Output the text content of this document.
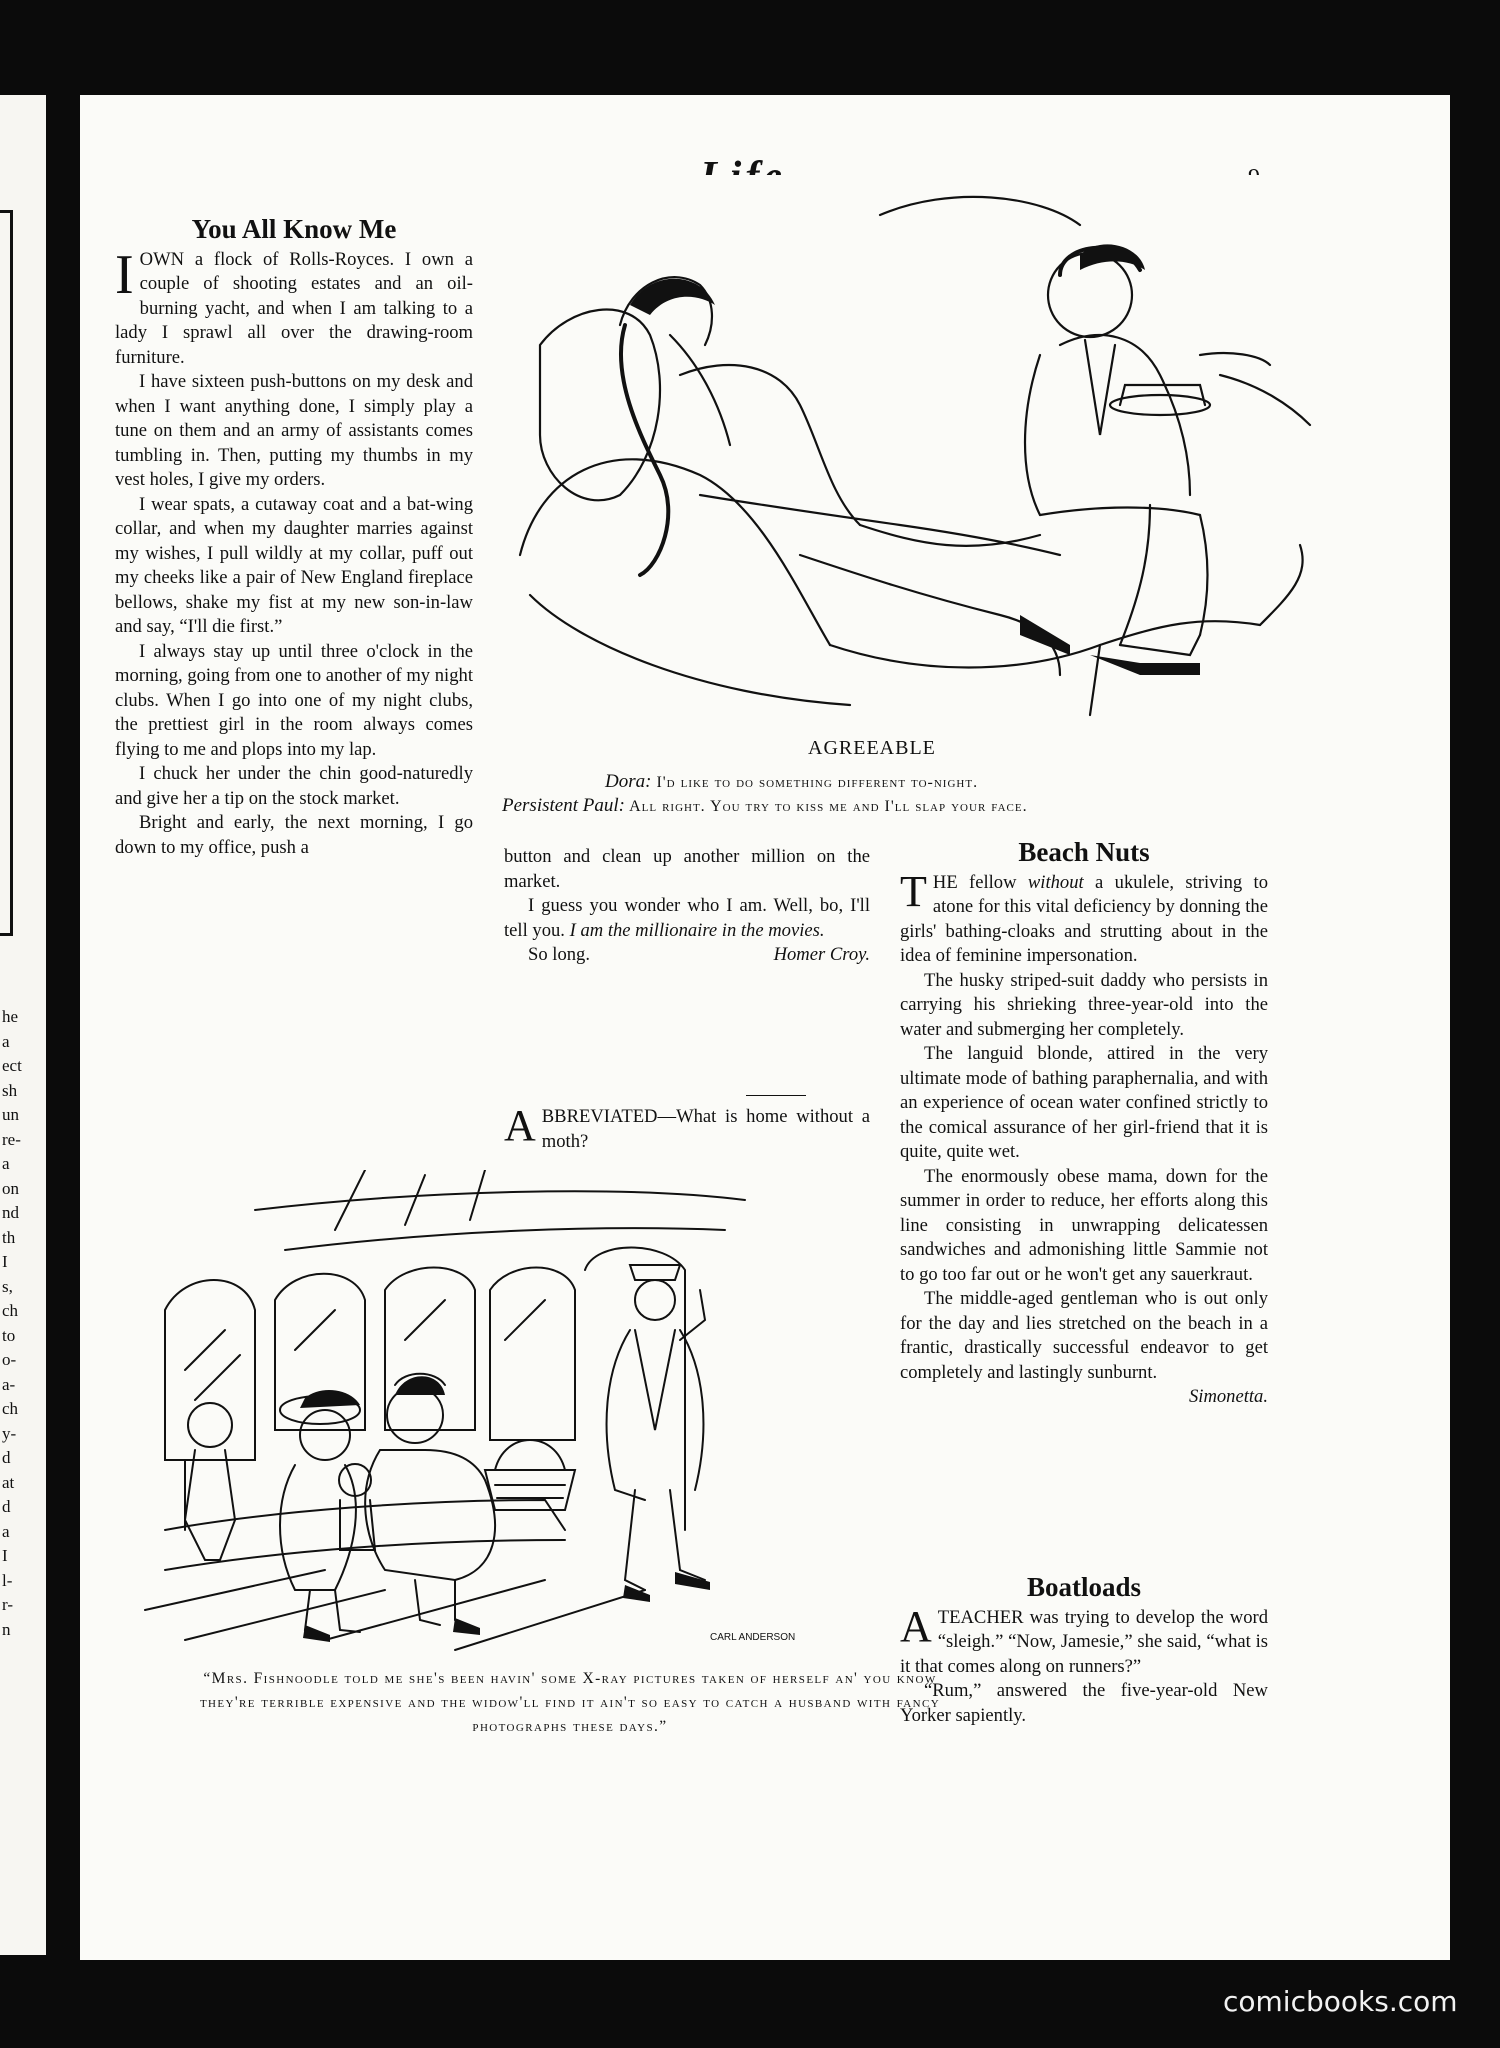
he
a
ect
sh
un
re-
a
on
nd
th
I
s,
ch
to
o-
a-
ch
y-
d
at
d
a
I
l-
r-
n
Life	9
You All Know Me

IOWN a flock of Rolls-Royces. I own a couple of shooting estates and an oil-burning yacht, and when I am talking to a lady I sprawl all over the drawing-room furniture.

I have sixteen push-buttons on my desk and when I want anything done, I simply play a tune on them and an army of assistants comes tumbling in. Then, putting my thumbs in my vest holes, I give my orders.

I wear spats, a cutaway coat and a bat-wing collar, and when my daughter marries against my wishes, I pull wildly at my collar, puff out my cheeks like a pair of New England fireplace bellows, shake my fist at my new son-in-law and say, “I'll die first.”

I always stay up until three o'clock in the morning, going from one to another of my night clubs. When I go into one of my night clubs, the prettiest girl in the room always comes flying to me and plops into my lap.

I chuck her under the chin good-naturedly and give her a tip on the stock market.

Bright and early, the next morning, I go down to my office, push a

AGREEABLE
Dora: I'd like to do something different to-night.
Persistent Paul: All right. You try to kiss me and I'll slap your face.

button and clean up another million on the market.

I guess you wonder who I am. Well, bo, I'll tell you. I am the millionaire in the movies.

So long.	Homer Croy.

ABBREVIATED—What is home without a moth?

Beach Nuts

THE fellow without a ukulele, striving to atone for this vital deficiency by donning the girls' bathing-cloaks and strutting about in the idea of feminine impersonation.

The husky striped-suit daddy who persists in carrying his shrieking three-year-old into the water and submerging her completely.

The languid blonde, attired in the very ultimate mode of bathing paraphernalia, and with an experience of ocean water confined strictly to the comical assurance of her girl-friend that it is quite, quite wet.

The enormously obese mama, down for the summer in order to reduce, her efforts along this line consisting in unwrapping delicatessen sandwiches and admonishing little Sammie not to go too far out or he won't get any sauerkraut.

The middle-aged gentleman who is out only for the day and lies stretched on the beach in a frantic, drastically successful endeavor to get completely and lastingly sunburnt.

Simonetta.
Boatloads

ATEACHER was trying to develop the word “sleigh.” “Now, Jamesie,” she said, “what is it that comes along on runners?”

“Rum,” answered the five-year-old New Yorker sapiently.

CARL ANDERSON
“Mrs. Fishnoodle told me she's been havin' some X-ray pictures taken of herself an' you know they're terrible expensive and the widow'll find it ain't so easy to catch a husband with fancy photographs these days.”
comicbooks.com
